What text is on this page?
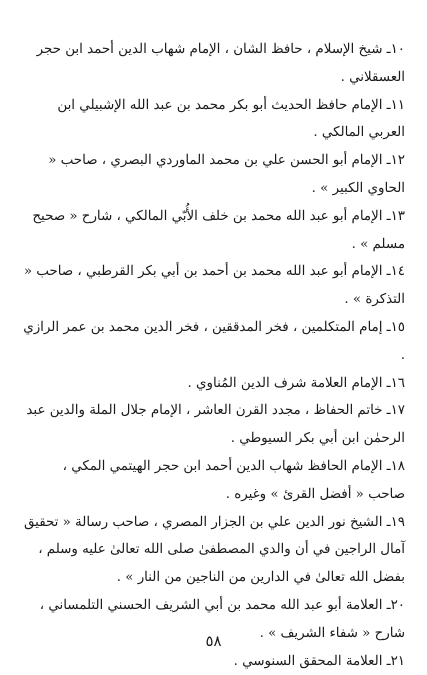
١٠ـ شيخ الإسلام ، حافظ الشان ، الإمام شهاب الدين أحمد ابن حجر العسقلاني .

١١ـ الإمام حافظ الحديث أبو بكر محمد بن عبد الله الإشبيلي ابن العربي المالكي .

١٢ـ الإمام أبو الحسن علي بن محمد الماوردي البصري ، صاحب « الحاوي الكبير » .

١٣ـ الإمام أبو عبد الله محمد بن خلف الأُبّي المالكي ، شارح « صحيح مسلم » .

١٤ـ الإمام أبو عبد الله محمد بن أحمد بن أبي بكر القرطبي ، صاحب « التذكرة » .

١٥ـ إمام المتكلمين ، فخر المدققين ، فخر الدين محمد بن عمر الرازي .

١٦ـ الإمام العلامة شرف الدين المُناوي .

١٧ـ خاتم الحفاظ ، مجدد القرن العاشر ، الإمام جلال الملة والدين عبد الرحمٰن ابن أبي بكر السيوطي .

١٨ـ الإمام الحافظ شهاب الدين أحمد ابن حجر الهيتمي المكي ، صاحب « أفضل القرئ » وغيره .

١٩ـ الشيخ نور الدين علي بن الجزار المصري ، صاحب رسالة « تحقيق آمال الراجين في أن والدي المصطفىٰ صلى الله تعالىٰ عليه وسلم ، بفضل الله تعالىٰ في الدارين من الناجين من النار » .

٢٠ـ العلامة أبو عبد الله محمد بن أبي الشريف الحسني التلمساني ، شارح « شفاء الشريف » .

٢١ـ العلامة المحقق السنوسي .

٥٨
